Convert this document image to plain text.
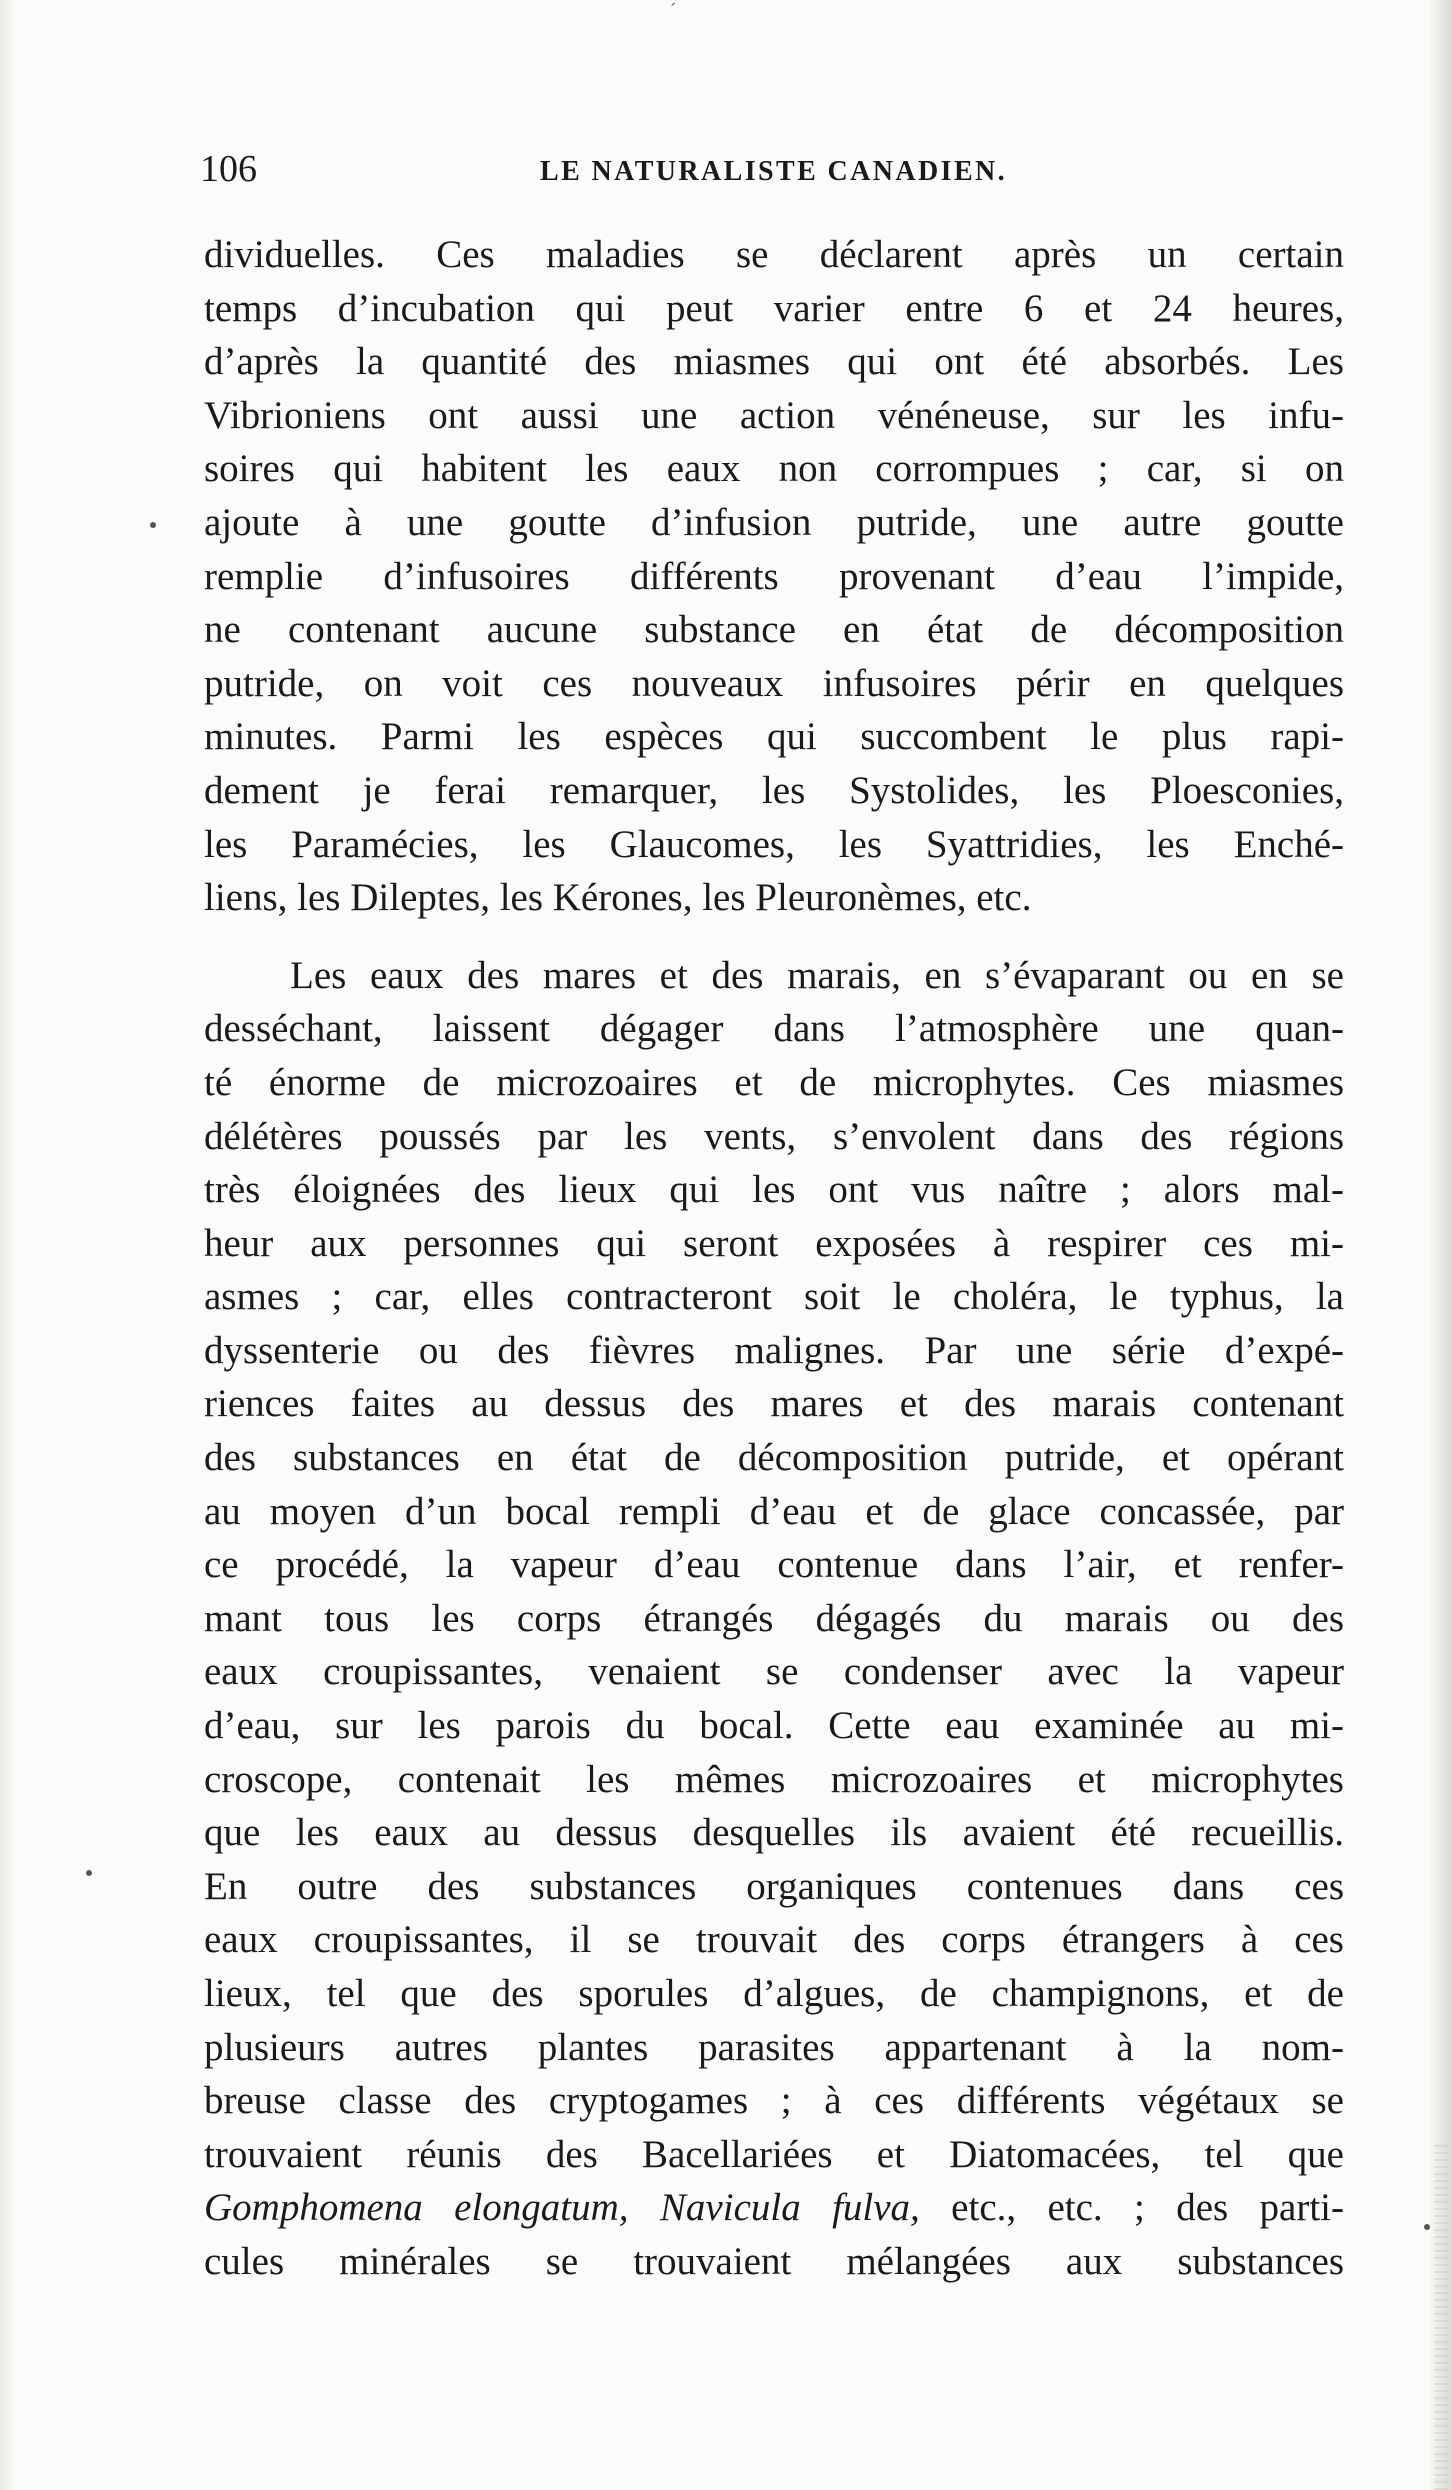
´
106	LE NATURALISTE CANADIEN.
dividuelles. Ces maladies se déclarent après un certain
temps d’incubation qui peut varier entre 6 et 24 heures,
d’après la quantité des miasmes qui ont été absorbés. Les
Vibrioniens ont aussi une action vénéneuse, sur les infu-
soires qui habitent les eaux non corrompues ; car, si on
ajoute à une goutte d’infusion putride, une autre goutte
remplie d’infusoires différents provenant d’eau l’impide,
ne contenant aucune substance en état de décomposition
putride, on voit ces nouveaux infusoires périr en quelques
minutes. Parmi les espèces qui succombent le plus rapi-
dement je ferai remarquer, les Systolides, les Ploesconies,
les Paramécies, les Glaucomes, les Syattridies, les Enché-
liens, les Dileptes, les Kérones, les Pleuronèmes, etc.
Les eaux des mares et des marais, en s’évaparant ou en se
desséchant, laissent dégager dans l’atmosphère une quan-
té énorme de microzoaires et de microphytes. Ces miasmes
délétères poussés par les vents, s’envolent dans des régions
très éloignées des lieux qui les ont vus naître ; alors mal-
heur aux personnes qui seront exposées à respirer ces mi-
asmes ; car, elles contracteront soit le choléra, le typhus, la
dyssenterie ou des fièvres malignes. Par une série d’expé-
riences faites au dessus des mares et des marais contenant
des substances en état de décomposition putride, et opérant
au moyen d’un bocal rempli d’eau et de glace concassée, par
ce procédé, la vapeur d’eau contenue dans l’air, et renfer-
mant tous les corps étrangés dégagés du marais ou des
eaux croupissantes, venaient se condenser avec la vapeur
d’eau, sur les parois du bocal. Cette eau examinée au mi-
croscope, contenait les mêmes microzoaires et microphytes
que les eaux au dessus desquelles ils avaient été recueillis.
En outre des substances organiques contenues dans ces
eaux croupissantes, il se trouvait des corps étrangers à ces
lieux, tel que des sporules d’algues, de champignons, et de
plusieurs autres plantes parasites appartenant à la nom-
breuse classe des cryptogames ; à ces différents végétaux se
trouvaient réunis des Bacellariées et Diatomacées, tel que
Gomphomena elongatum, Navicula fulva, etc., etc. ; des parti-
cules minérales se trouvaient mélangées aux substances
